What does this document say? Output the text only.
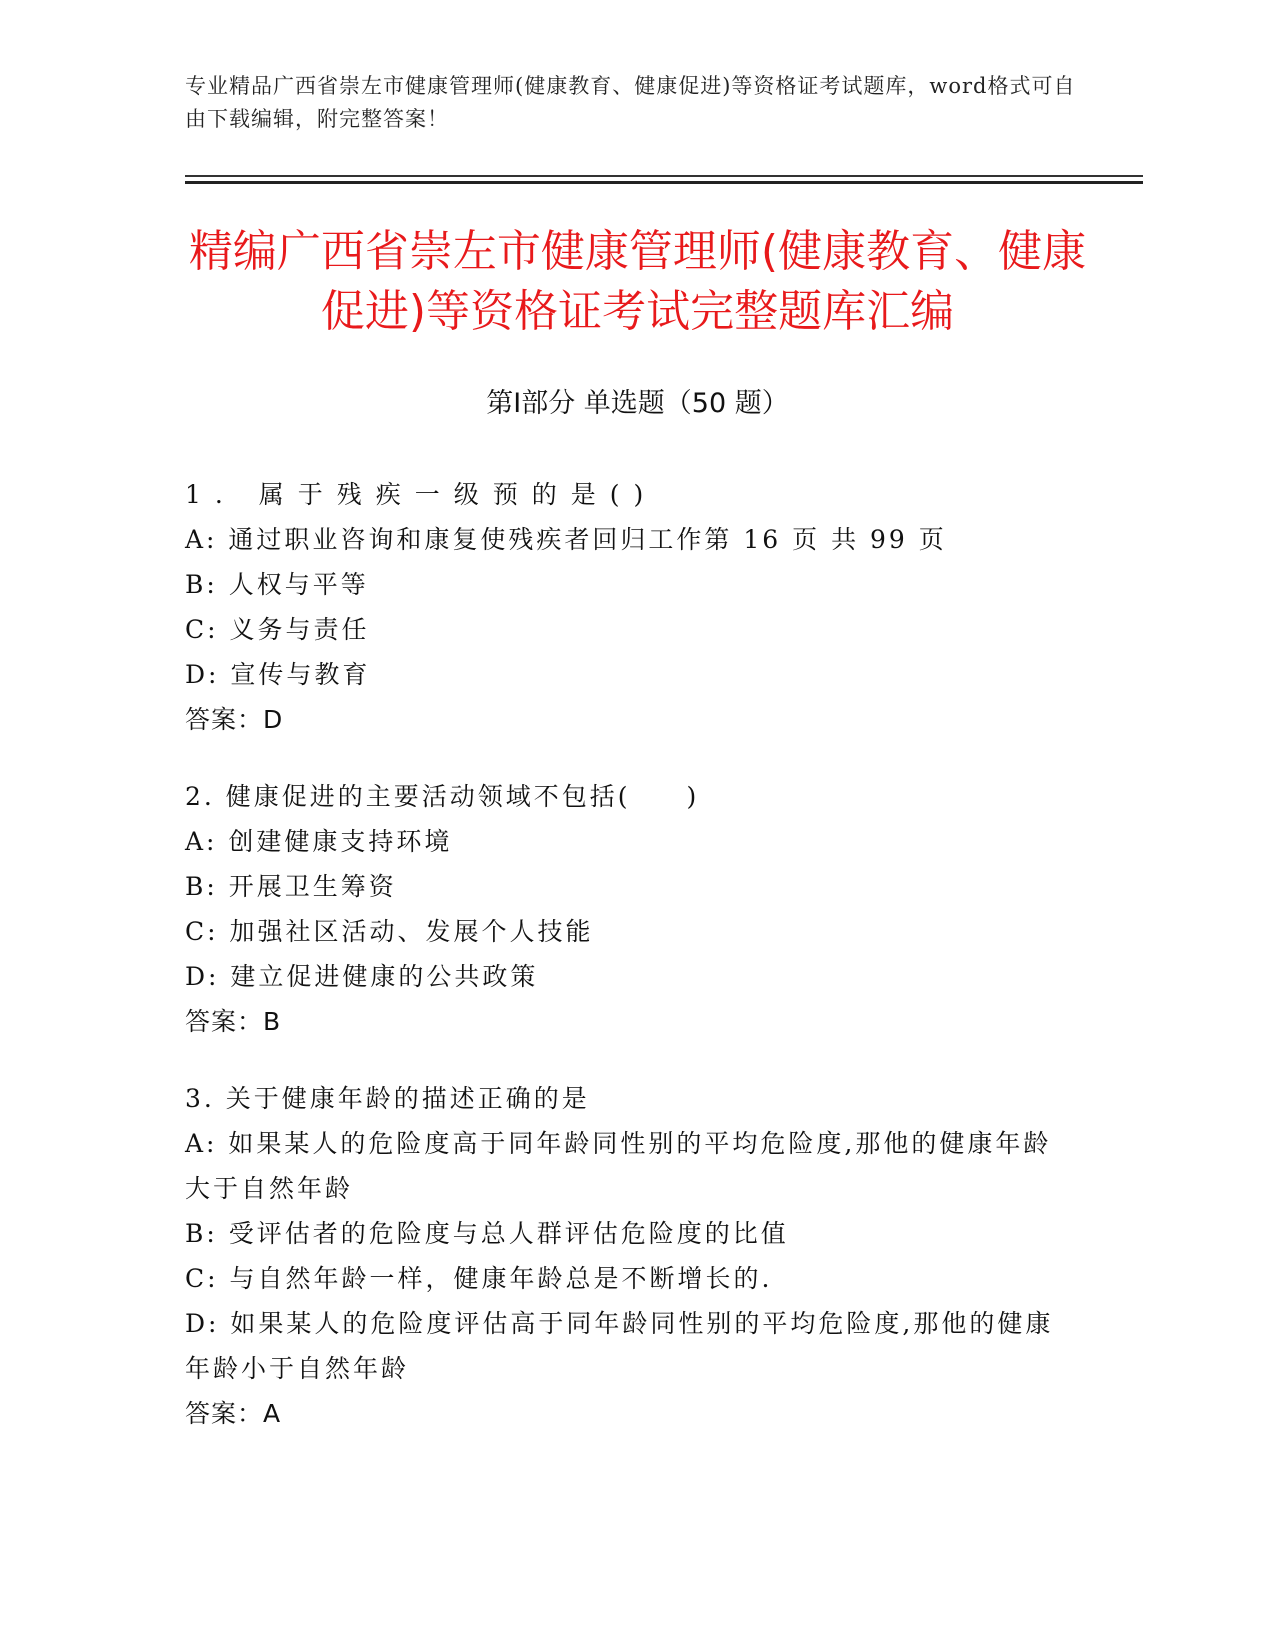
专业精品广西省崇左市健康管理师(健康教育、健康促进)等资格证考试题库，word格式可自由下载编辑，附完整答案！
精编广西省崇左市健康管理师(健康教育、健康促进)等资格证考试完整题库汇编
第Ⅰ部分 单选题（50 题）
1. 属于残疾一级预的是()
A: 通过职业咨询和康复使残疾者回归工作第 16 页 共 99 页
B: 人权与平等
C: 义务与责任
D: 宣传与教育
答案：D
2. 健康促进的主要活动领域不包括(　　)
A: 创建健康支持环境
B: 开展卫生筹资
C: 加强社区活动、发展个人技能
D: 建立促进健康的公共政策
答案：B
3. 关于健康年龄的描述正确的是
A: 如果某人的危险度高于同年龄同性别的平均危险度,那他的健康年龄大于自然年龄
B: 受评估者的危险度与总人群评估危险度的比值
C: 与自然年龄一样，健康年龄总是不断增长的.
D: 如果某人的危险度评估高于同年龄同性别的平均危险度,那他的健康年龄小于自然年龄
答案：A
